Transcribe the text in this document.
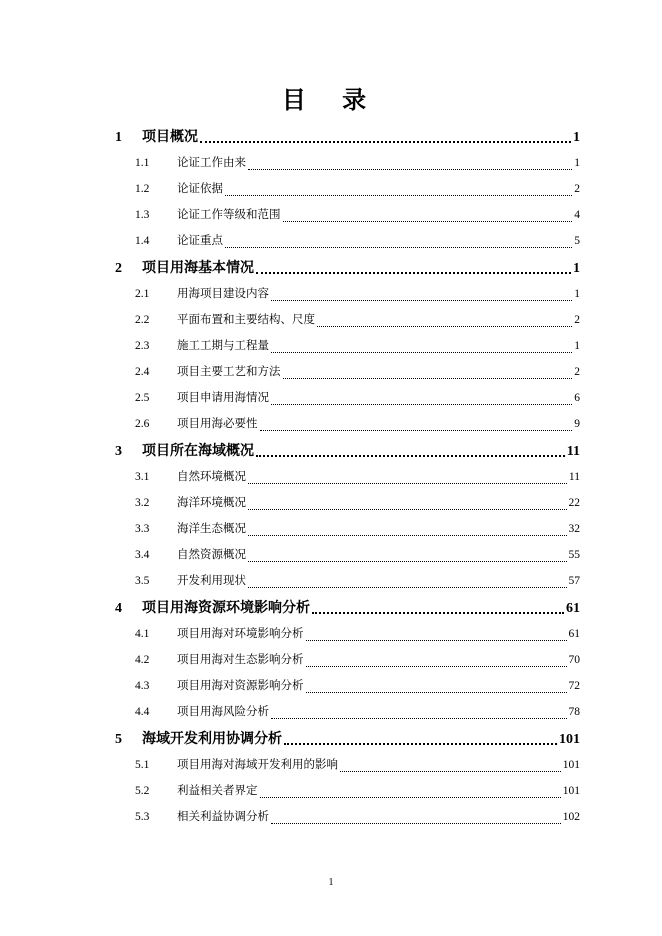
目 录
1	项目概况	1
1.1	论证工作由来	1
1.2	论证依据	2
1.3	论证工作等级和范围	4
1.4	论证重点	5
2	项目用海基本情况	1
2.1	用海项目建设内容	1
2.2	平面布置和主要结构、尺度	2
2.3	施工工期与工程量	1
2.4	项目主要工艺和方法	2
2.5	项目申请用海情况	6
2.6	项目用海必要性	9
3	项目所在海域概况	11
3.1	自然环境概况	11
3.2	海洋环境概况	22
3.3	海洋生态概况	32
3.4	自然资源概况	55
3.5	开发利用现状	57
4	项目用海资源环境影响分析	61
4.1	项目用海对环境影响分析	61
4.2	项目用海对生态影响分析	70
4.3	项目用海对资源影响分析	72
4.4	项目用海风险分析	78
5	海域开发利用协调分析	101
5.1	项目用海对海域开发利用的影响	101
5.2	利益相关者界定	101
5.3	相关利益协调分析	102
1
